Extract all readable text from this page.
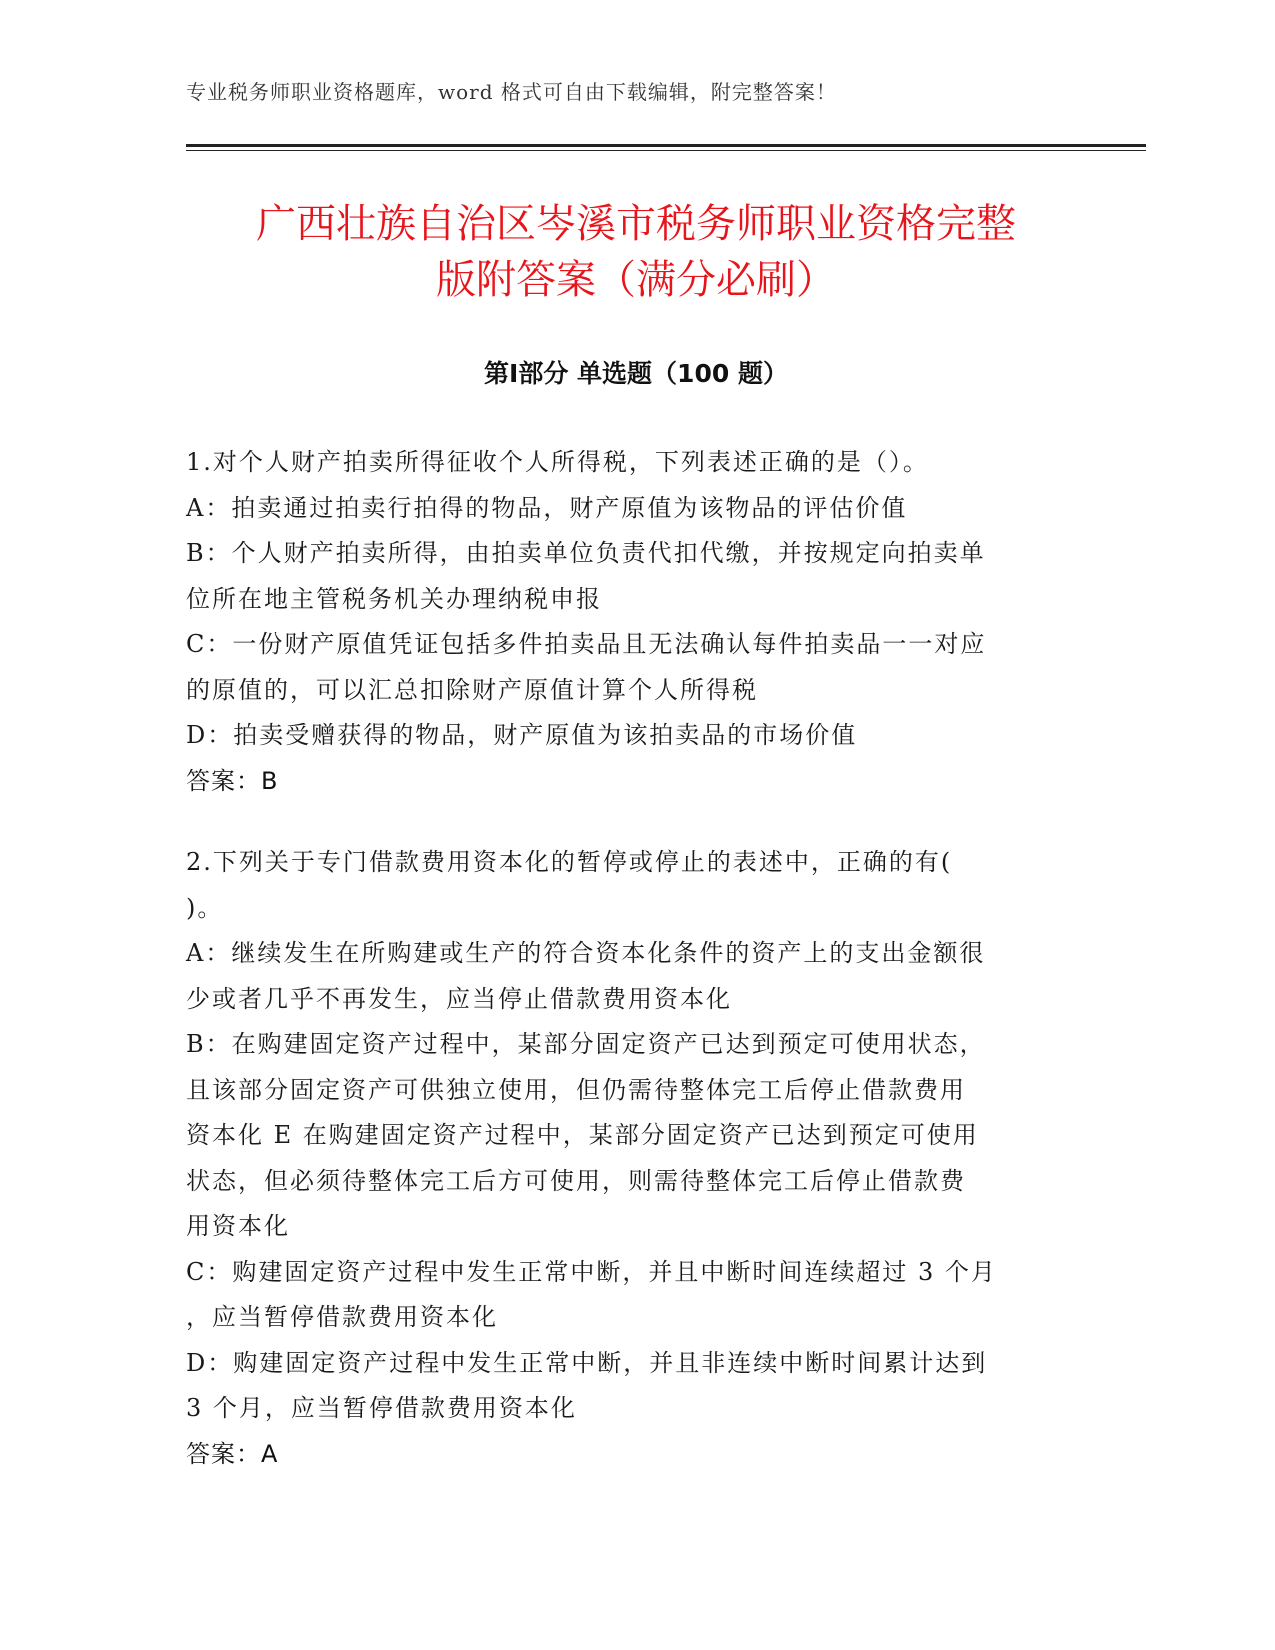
专业税务师职业资格题库，word 格式可自由下载编辑，附完整答案！
广西壮族自治区岑溪市税务师职业资格完整
版附答案（满分必刷）
第Ⅰ部分 单选题（100 题）
1.对个人财产拍卖所得征收个人所得税，下列表述正确的是（）。
A：拍卖通过拍卖行拍得的物品，财产原值为该物品的评估价值
B：个人财产拍卖所得，由拍卖单位负责代扣代缴，并按规定向拍卖单
位所在地主管税务机关办理纳税申报
C：一份财产原值凭证包括多件拍卖品且无法确认每件拍卖品一一对应
的原值的，可以汇总扣除财产原值计算个人所得税
D：拍卖受赠获得的物品，财产原值为该拍卖品的市场价值
答案：B
2.下列关于专门借款费用资本化的暂停或停止的表述中，正确的有(
)。
A：继续发生在所购建或生产的符合资本化条件的资产上的支出金额很
少或者几乎不再发生，应当停止借款费用资本化
B：在购建固定资产过程中，某部分固定资产已达到预定可使用状态，
且该部分固定资产可供独立使用，但仍需待整体完工后停止借款费用
资本化 E 在购建固定资产过程中，某部分固定资产已达到预定可使用
状态，但必须待整体完工后方可使用，则需待整体完工后停止借款费
用资本化
C：购建固定资产过程中发生正常中断，并且中断时间连续超过 3 个月
，应当暂停借款费用资本化
D：购建固定资产过程中发生正常中断，并且非连续中断时间累计达到
3 个月，应当暂停借款费用资本化
答案：A
